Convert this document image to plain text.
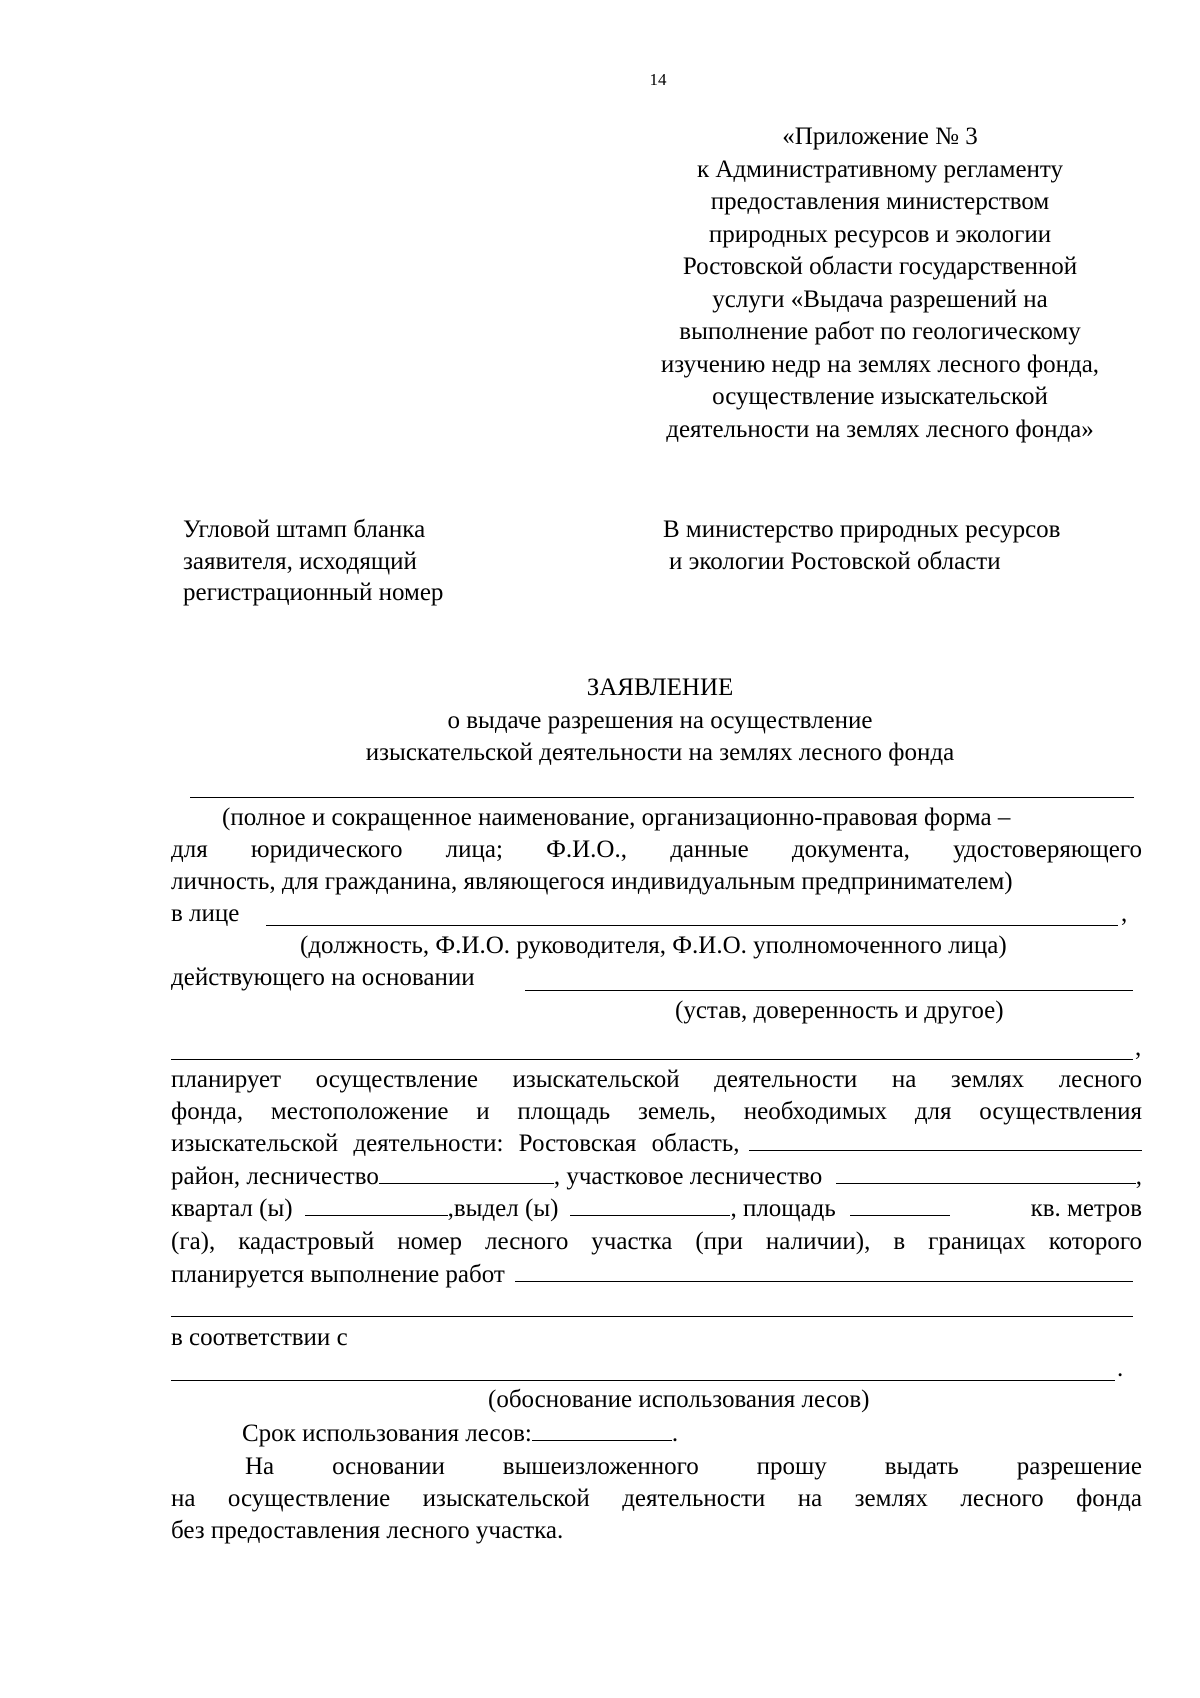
14
«Приложение № 3
к Административному регламенту
предоставления министерством
природных ресурсов и экологии
Ростовской области государственной
услуги «Выдача разрешений на
выполнение работ по геологическому
изучению недр на землях лесного фонда,
осуществление изыскательской
деятельности на землях лесного фонда»
Угловой штамп бланка
заявителя, исходящий
регистрационный номер
В министерство природных ресурсов
и экологии Ростовской области
ЗАЯВЛЕНИЕ
о выдаче разрешения на осуществление
изыскательской деятельности на землях лесного фонда
(полное и сокращенное наименование, организационно-правовая форма –
для юридического лица; Ф.И.О., данные документа, удостоверяющего
личность, для гражданина, являющегося индивидуальным предпринимателем)
в лице	,
(должность, Ф.И.О. руководителя, Ф.И.О. уполномоченного лица)
действующего на основании
(устав, доверенность и другое)
,
планирует осуществление изыскательской деятельности на землях лесного
фонда, местоположение и площадь земель, необходимых для осуществления
изыскательской деятельности: Ростовская область,
район, лесничество	, участковое лесничество	,
квартал (ы)	,выдел (ы)	, площадь	кв. метров
(га), кадастровый номер лесного участка (при наличии), в границах которого
планируется выполнение работ
в соответствии с
.
(обоснование использования лесов)
Срок использования лесов:	.
На основании вышеизложенного прошу выдать разрешение
на осуществление изыскательской деятельности на землях лесного фонда
без предоставления лесного участка.
